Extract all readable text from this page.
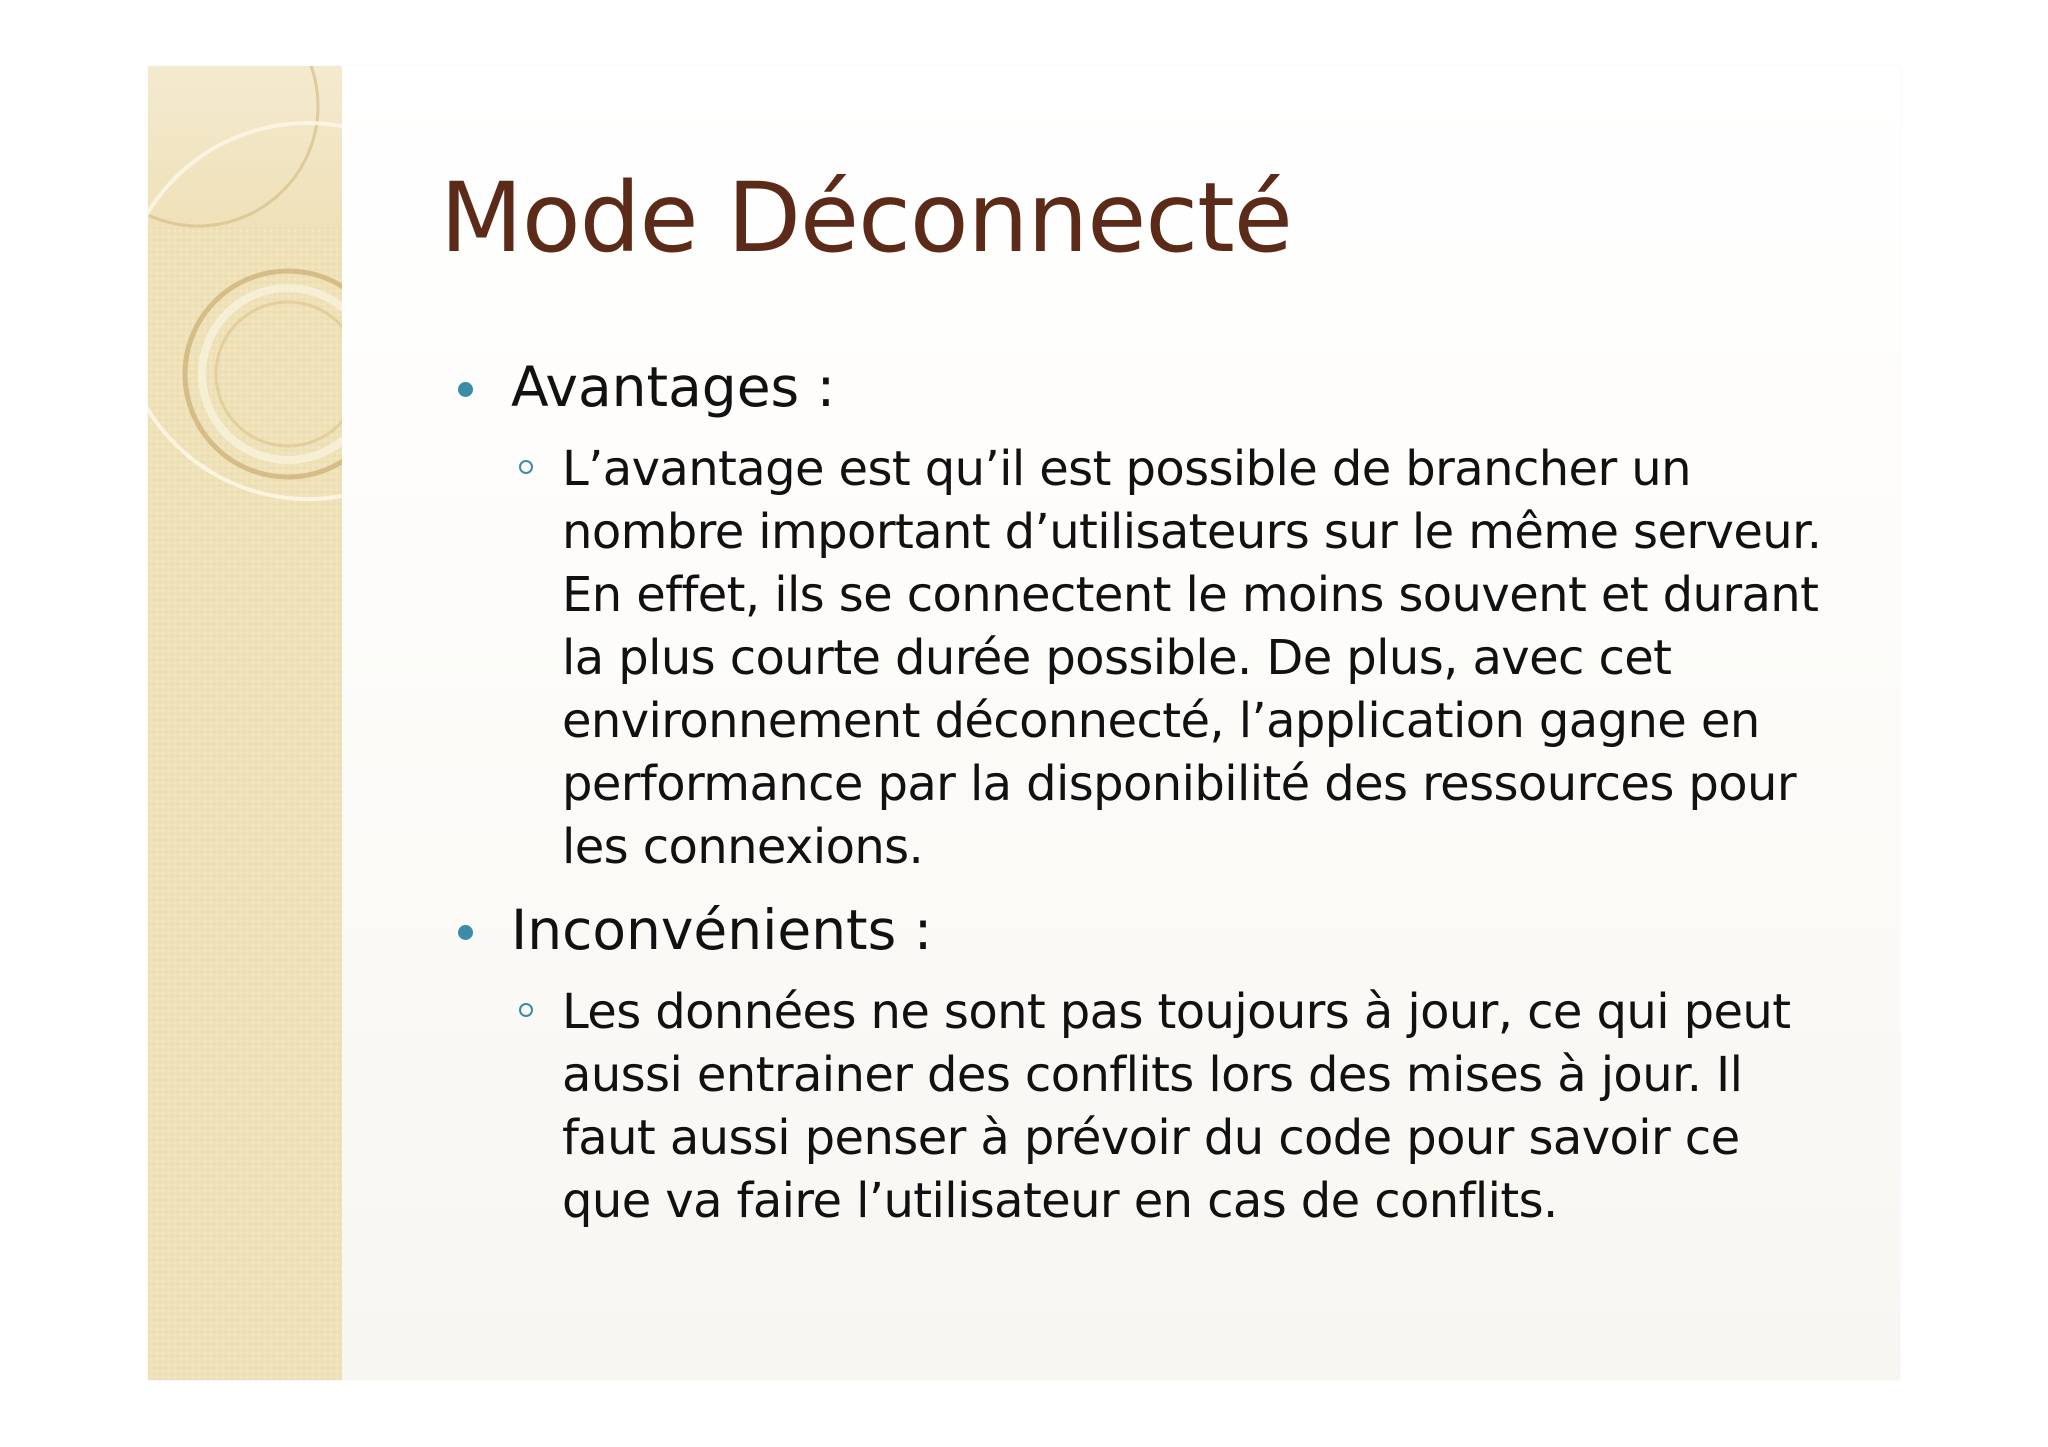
Mode Déconnecté
Avantages :
L’avantage est qu’il est possible de brancher un
nombre important d’utilisateurs sur le même serveur.
En effet, ils se connectent le moins souvent et durant
la plus courte durée possible. De plus, avec cet
environnement déconnecté, l’application gagne en
performance par la disponibilité des ressources pour
les connexions.
Inconvénients :
Les données ne sont pas toujours à jour, ce qui peut
aussi entrainer des conflits lors des mises à jour. Il
faut aussi penser à prévoir du code pour savoir ce
que va faire l’utilisateur en cas de conflits.
